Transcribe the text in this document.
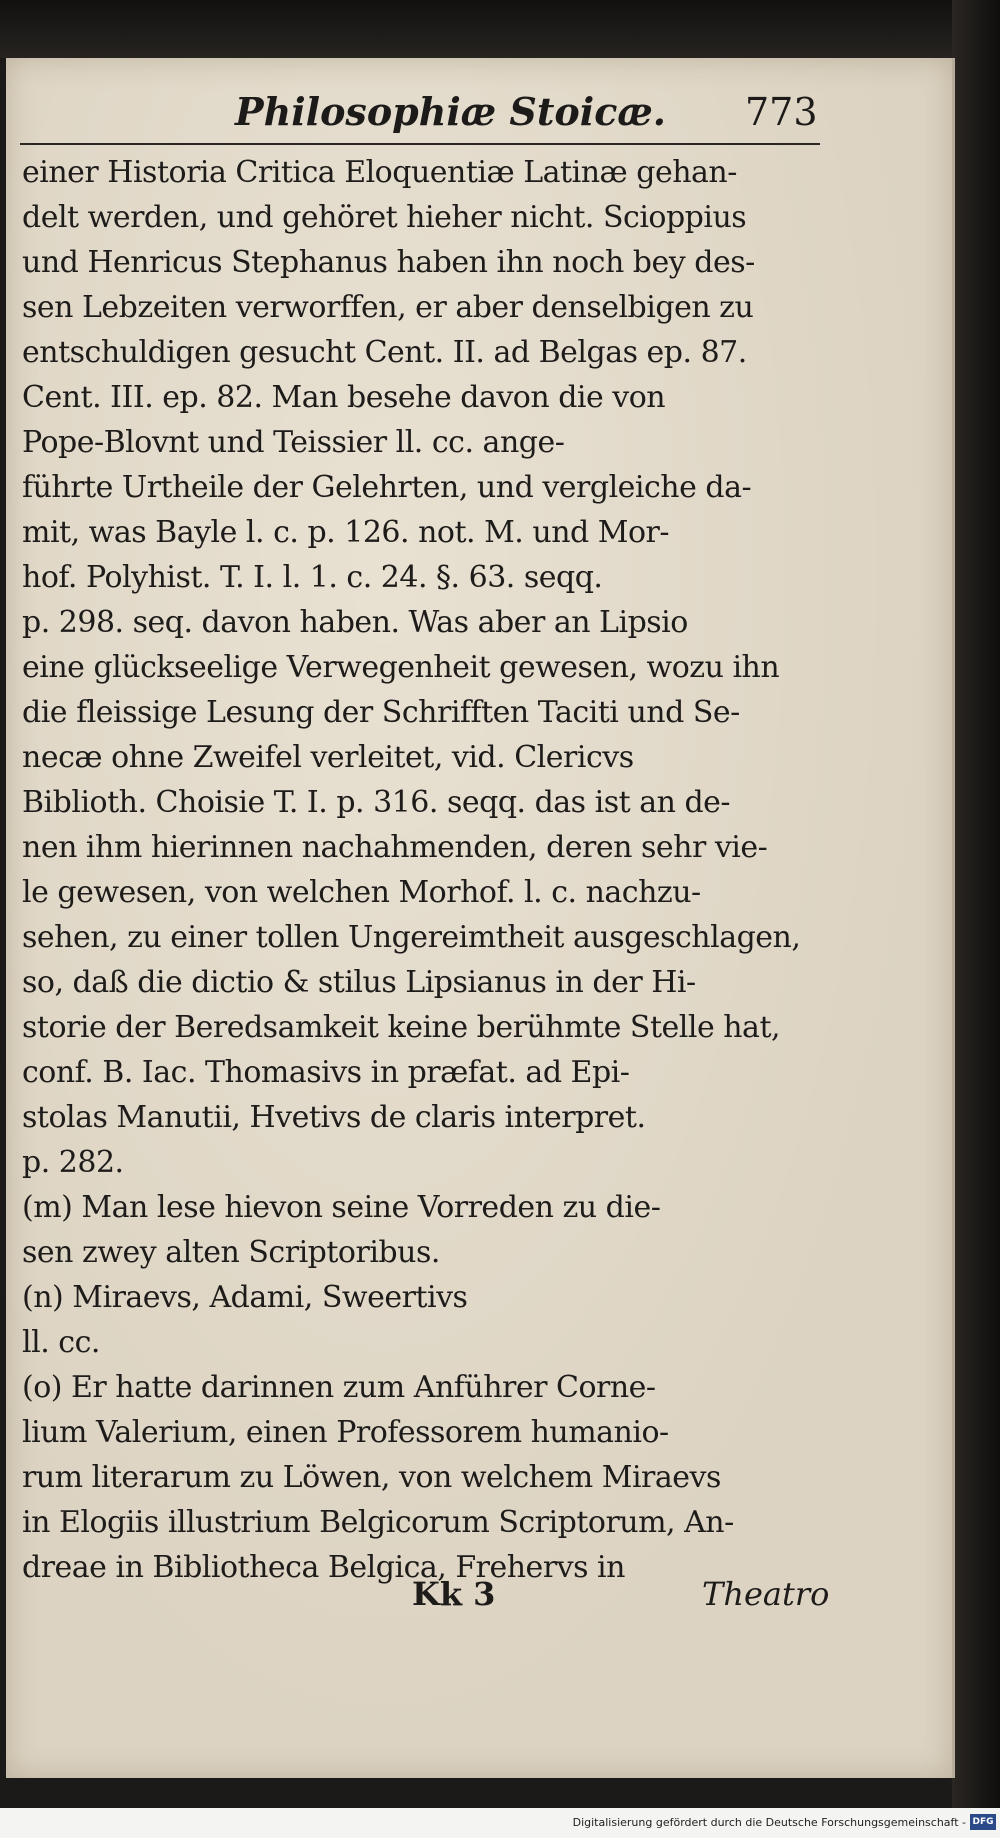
Philosophiæ Stoicæ. 773
einer Historia Critica Eloquentiæ Latinæ gehan-
delt werden, und gehöret hieher nicht. Scioppius
und Henricus Stephanus haben ihn noch bey des-
sen Lebzeiten verworffen, er aber denselbigen zu
entschuldigen gesucht Cent. II. ad Belgas ep. 87.
Cent. III. ep. 82. Man besehe davon die von
Pope-Blovnt und Teissier ll. cc. ange-
führte Urtheile der Gelehrten, und vergleiche da-
mit, was Bayle l. c. p. 126. not. M. und Mor-
hof. Polyhist. T. I. l. 1. c. 24. §. 63. seqq.
p. 298. seq. davon haben. Was aber an Lipsio
eine glückseelige Verwegenheit gewesen, wozu ihn
die fleissige Lesung der Schrifften Taciti und Se-
necæ ohne Zweifel verleitet, vid. Clericvs
Biblioth. Choisie T. I. p. 316. seqq. das ist an de-
nen ihm hierinnen nachahmenden, deren sehr vie-
le gewesen, von welchen Morhof. l. c. nachzu-
sehen, zu einer tollen Ungereimtheit ausgeschlagen,
so, daß die dictio & stilus Lipsianus in der Hi-
storie der Beredsamkeit keine berühmte Stelle hat,
conf. B. Iac. Thomasivs in præfat. ad Epi-
stolas Manutii, Hvetivs de claris interpret.
p. 282.
(m) Man lese hievon seine Vorreden zu die-
sen zwey alten Scriptoribus.
(n) Miraevs, Adami, Sweertivs
ll. cc.
(o) Er hatte darinnen zum Anführer Corne-
lium Valerium, einen Professorem humanio-
rum literarum zu Löwen, von welchem Miraevs
in Elogiis illustrium Belgicorum Scriptorum, An-
dreae in Bibliotheca Belgica, Frehervs in
Kk 3	Theatro
Digitalisierung gefördert durch die Deutsche Forschungsgemeinschaft - DFG
